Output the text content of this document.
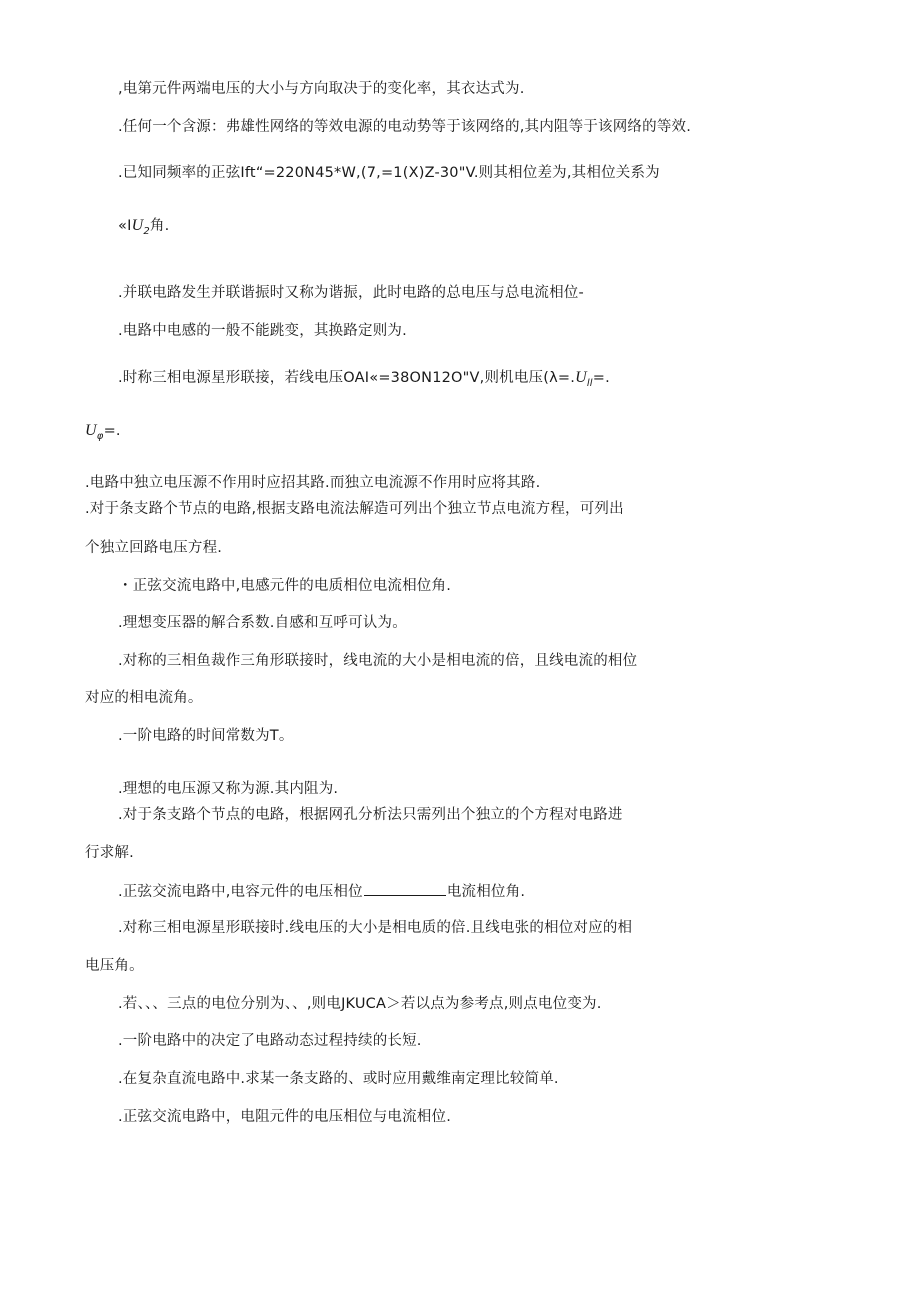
,电第元件两端电压的大小与方向取决于的变化率，其衣达式为.
.任何一个含源：弗雄性网络的等效电源的电动势等于该网络的,其内阻等于该网络的等效.
.已知同频率的正弦Ift“=220N45*W,(7,=1(X)Z-30"V.则其相位差为,其相位关系为
«$IU_2$角.
.并联电路发生并联谐振时又称为谐振，此时电路的总电压与总电流相位-
.电路中电感的一般不能跳变，其换路定则为.
.时称三相电源星形联接，若线电压OAI«=38ON12O"V,则机电压($\lambda=.U_{ll}=$.
$U_\varphi=$.
.电路中独立电压源不作用时应招其路.而独立电流源不作用时应将其路.
.对于条支路个节点的电路,根据支路电流法解造可列出个独立节点电流方程，可列出
个独立回路电压方程.
・正弦交流电路中,电感元件的电质相位电流相位角.
.理想变压器的解合系数.自感和互呼可认为。
.对称的三相鱼裁作三角形联接时，线电流的大小是相电流的倍，且线电流的相位
对应的相电流角。
.一阶电路的时间常数为T。
.理想的电压源又称为源.其内阻为.
.对于条支路个节点的电路，根据网孔分析法只需列出个独立的个方程对电路进
行求解.
.正弦交流电路中,电容元件的电压相位	电流相位角.
.对称三相电源星形联接时.线电压的大小是相电质的倍.且线电张的相位对应的相
电压角。
.若、、、三点的电位分别为、、,则电JKUCA＞若以点为参考点,则点电位变为.
.一阶电路中的决定了电路动态过程持续的长短.
.在复杂直流电路中.求某一条支路的、或时应用戴维南定理比较简单.
.正弦交流电路中，电阻元件的电压相位与电流相位.
